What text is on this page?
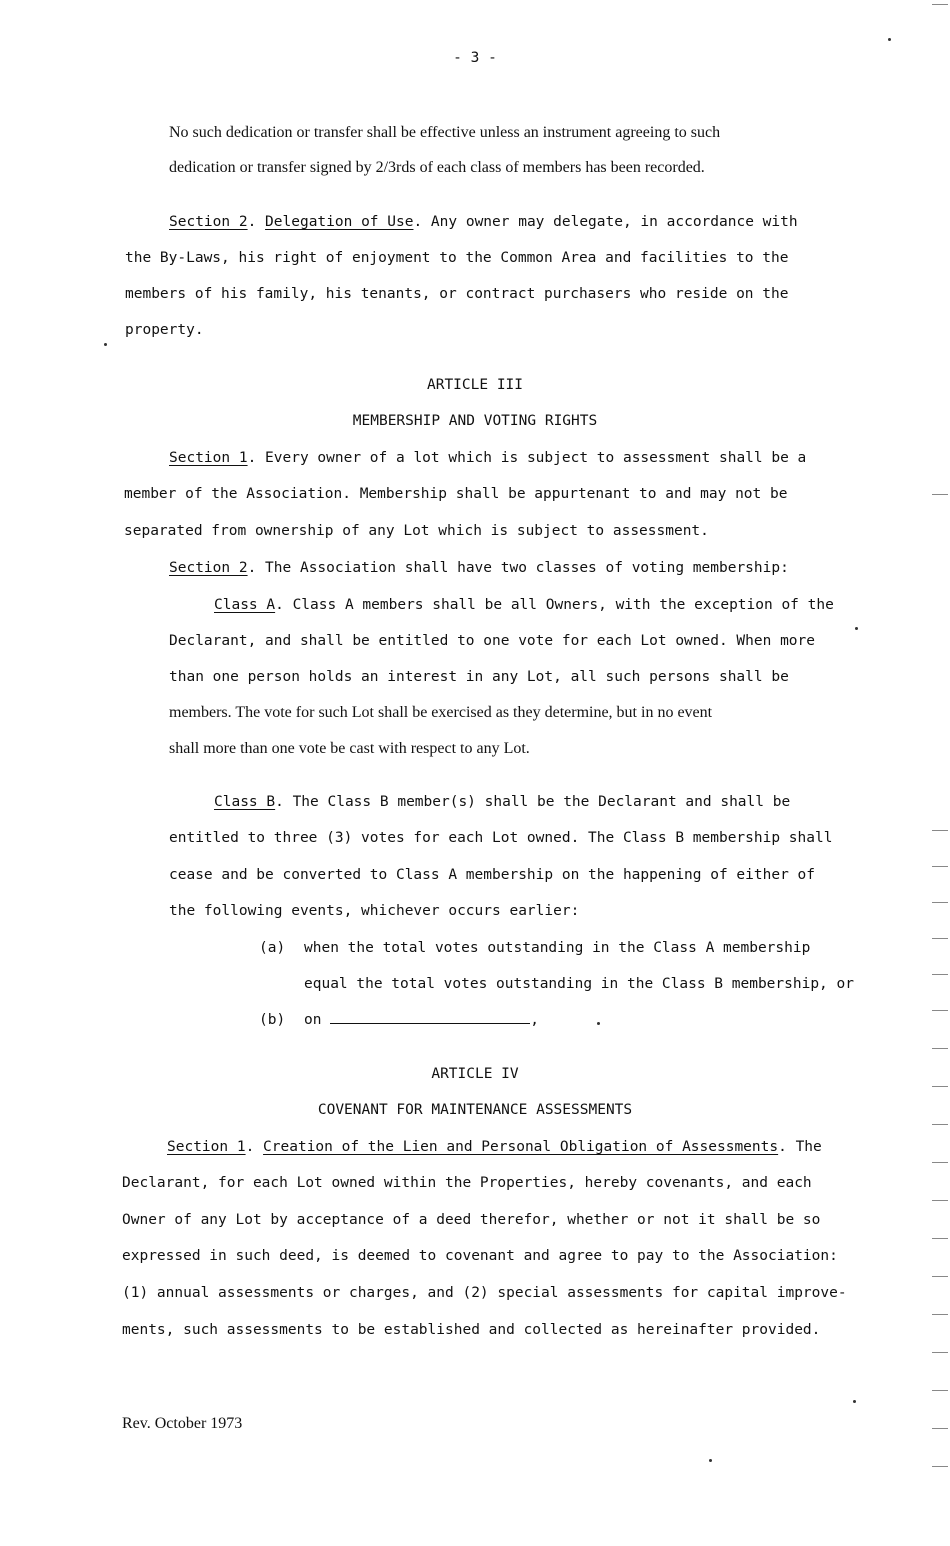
- 3 -
No such dedication or transfer shall be effective unless an instrument agreeing to such
dedication or transfer signed by 2/3rds of each class of members has been recorded.
Section 2. Delegation of Use. Any owner may delegate, in accordance with
the By-Laws, his right of enjoyment to the Common Area and facilities to the
members of his family, his tenants, or contract purchasers who reside on the
property.
ARTICLE III
MEMBERSHIP AND VOTING RIGHTS
Section 1. Every owner of a lot which is subject to assessment shall be a
member of the Association. Membership shall be appurtenant to and may not be
separated from ownership of any Lot which is subject to assessment.
Section 2. The Association shall have two classes of voting membership:
Class A. Class A members shall be all Owners, with the exception of the
Declarant, and shall be entitled to one vote for each Lot owned. When more
than one person holds an interest in any Lot, all such persons shall be
members. The vote for such Lot shall be exercised as they determine, but in no event
shall more than one vote be cast with respect to any Lot.
Class B. The Class B member(s) shall be the Declarant and shall be
entitled to three (3) votes for each Lot owned. The Class B membership shall
cease and be converted to Class A membership on the happening of either of
the following events, whichever occurs earlier:
(a) when the total votes outstanding in the Class A membership
equal the total votes outstanding in the Class B membership, or
(b) on	,
ARTICLE IV
COVENANT FOR MAINTENANCE ASSESSMENTS
Section 1. Creation of the Lien and Personal Obligation of Assessments. The
Declarant, for each Lot owned within the Properties, hereby covenants, and each
Owner of any Lot by acceptance of a deed therefor, whether or not it shall be so
expressed in such deed, is deemed to covenant and agree to pay to the Association:
(1) annual assessments or charges, and (2) special assessments for capital improve-
ments, such assessments to be established and collected as hereinafter provided.
Rev. October 1973
